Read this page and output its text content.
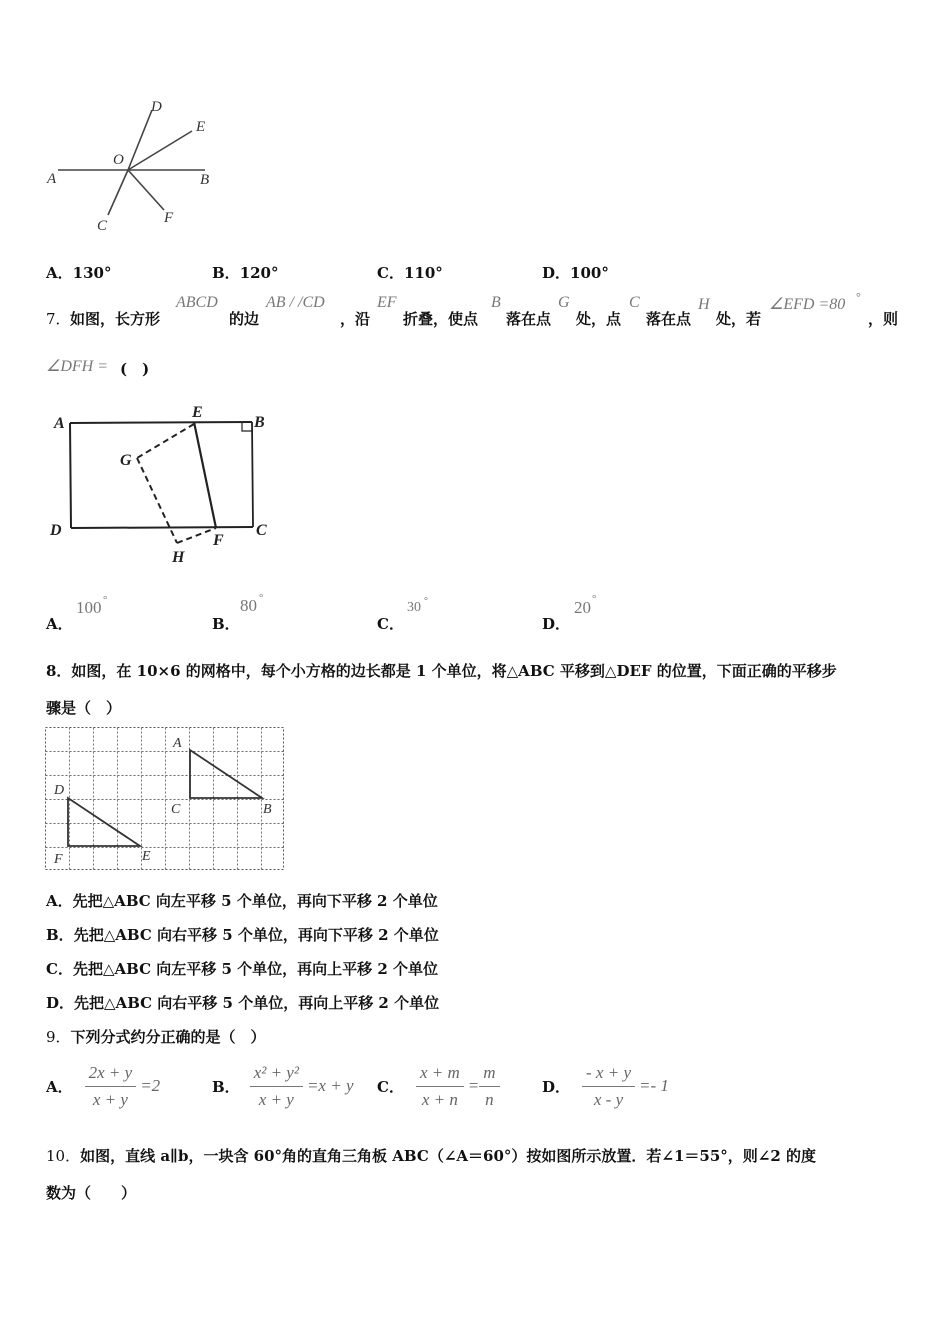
A	B
O
D
E
C	F
A．130°	B．120°	C．110°	D．100°
7． 如图，长方形
ABCD
的边
AB / /CD
，沿
EF
折叠，使点
B
落在点
G
处，点
C
落在点
H
处，若
∠EFD =80 °
，则
∠DFH = (　)
A
E
B
G
D	C
F
H
A．
100 °
B．
80 °
C．
30 °
D．
20 °
8．如图，在 10×6 的网格中，每个小方格的边长都是 1 个单位，将△ABC 平移到△DEF 的位置，下面正确的平移步
骤是（　）
A
C	B
D
F	E
A．先把△ABC 向左平移 5 个单位，再向下平移 2 个单位
B．先把△ABC 向右平移 5 个单位，再向下平移 2 个单位
C．先把△ABC 向左平移 5 个单位，再向上平移 2 个单位
D．先把△ABC 向右平移 5 个单位，再向上平移 2 个单位
9．下列分式约分正确的是（　）
A． $\frac{2x + y}{x + y} =2$	B． $\frac{\text{x² + y²}}{x + y} =x + y$ C． $\frac{x + m}{x + n} = \frac{m}{n}$	D． $\frac{- x + y}{x - y} =- 1$
10．如图，直线 a∥b，一块含 60°角的直角三角板 ABC（∠A＝60°）按如图所示放置．若∠1＝55°，则∠2 的度
数为（　　）
